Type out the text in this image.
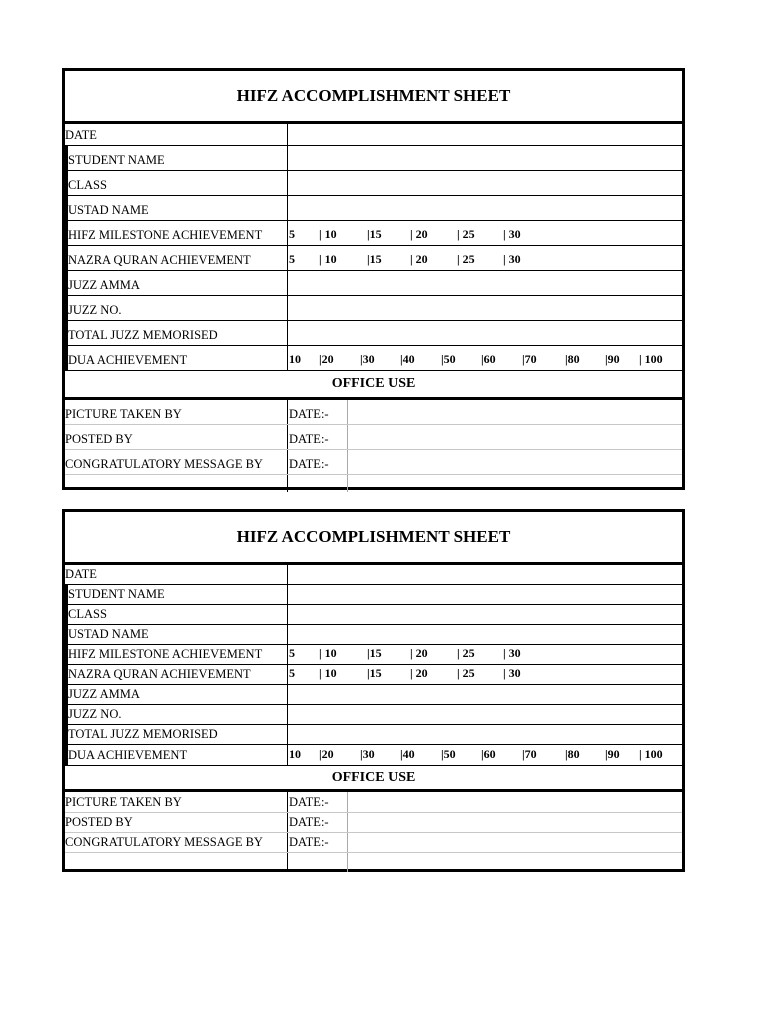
HIFZ ACCOMPLISHMENT SHEET
DATE
STUDENT NAME
CLASS
USTAD NAME
HIFZ MILESTONE ACHIEVEMENT	5 | 10	|15 | 20 | 25 | 30
NAZRA QURAN ACHIEVEMENT	5 | 10	|15 | 20 | 25 | 30
JUZZ AMMA
JUZZ NO.
TOTAL JUZZ MEMORISED
DUA ACHIEVEMENT	10 |20 |30 |40 |50 |60 |70 |80 |90 | 100
OFFICE USE
PICTURE TAKEN BY	DATE:-
POSTED BY	DATE:-
CONGRATULATORY MESSAGE BY	DATE:-
HIFZ ACCOMPLISHMENT SHEET
DATE
STUDENT NAME
CLASS
USTAD NAME
HIFZ MILESTONE ACHIEVEMENT	5 | 10	|15 | 20 | 25 | 30
NAZRA QURAN ACHIEVEMENT	5 | 10	|15 | 20 | 25 | 30
JUZZ AMMA
JUZZ NO.
TOTAL JUZZ MEMORISED
DUA ACHIEVEMENT	10 |20 |30 |40 |50 |60 |70 |80 |90 | 100
OFFICE USE
PICTURE TAKEN BY	DATE:-
POSTED BY	DATE:-
CONGRATULATORY MESSAGE BY	DATE:-
